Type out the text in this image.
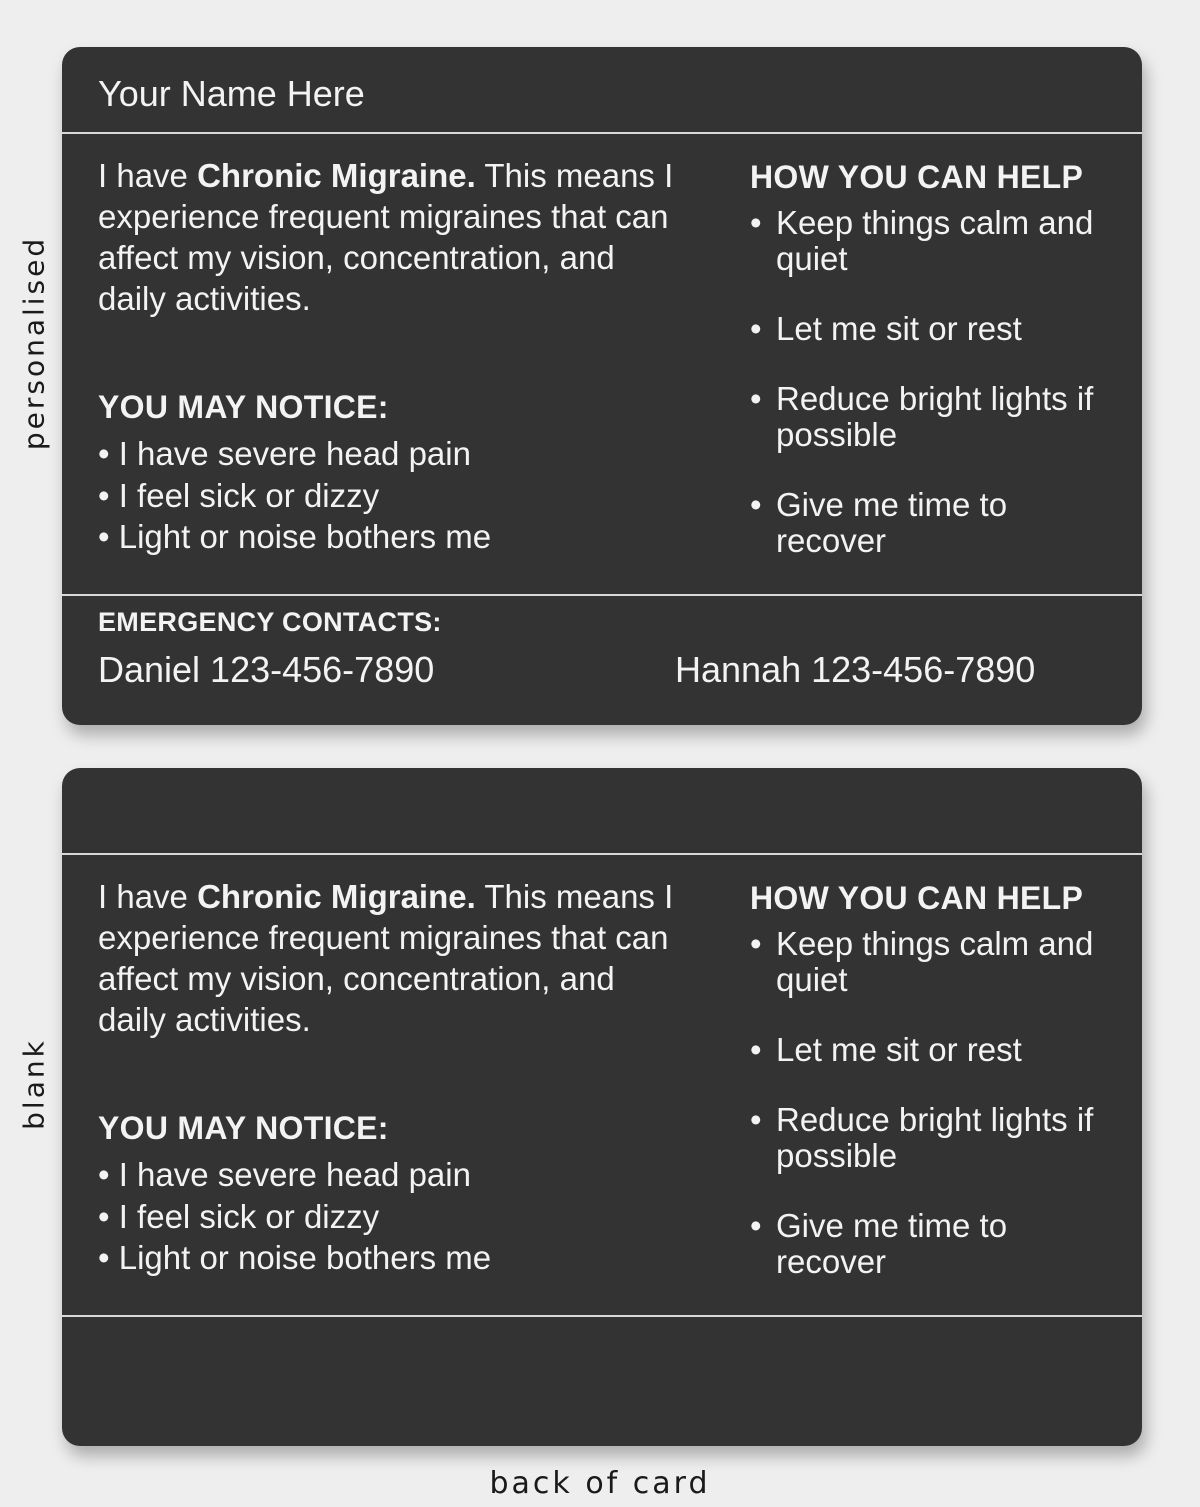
personalised
blank
Your Name Here
I have Chronic Migraine. This means I experience frequent migraines that can affect my vision, concentration, and daily activities.
YOU MAY NOTICE:
• I have severe head pain
• I feel sick or dizzy
• Light or noise bothers me
HOW YOU CAN HELP
• Keep things calm and quiet
• Let me sit or rest
• Reduce bright lights if possible
• Give me time to recover
EMERGENCY CONTACTS:
Daniel 123-456-7890	Hannah 123-456-7890
I have Chronic Migraine. This means I experience frequent migraines that can affect my vision, concentration, and daily activities.
YOU MAY NOTICE:
• I have severe head pain
• I feel sick or dizzy
• Light or noise bothers me
HOW YOU CAN HELP
• Keep things calm and quiet
• Let me sit or rest
• Reduce bright lights if possible
• Give me time to recover
back of card
